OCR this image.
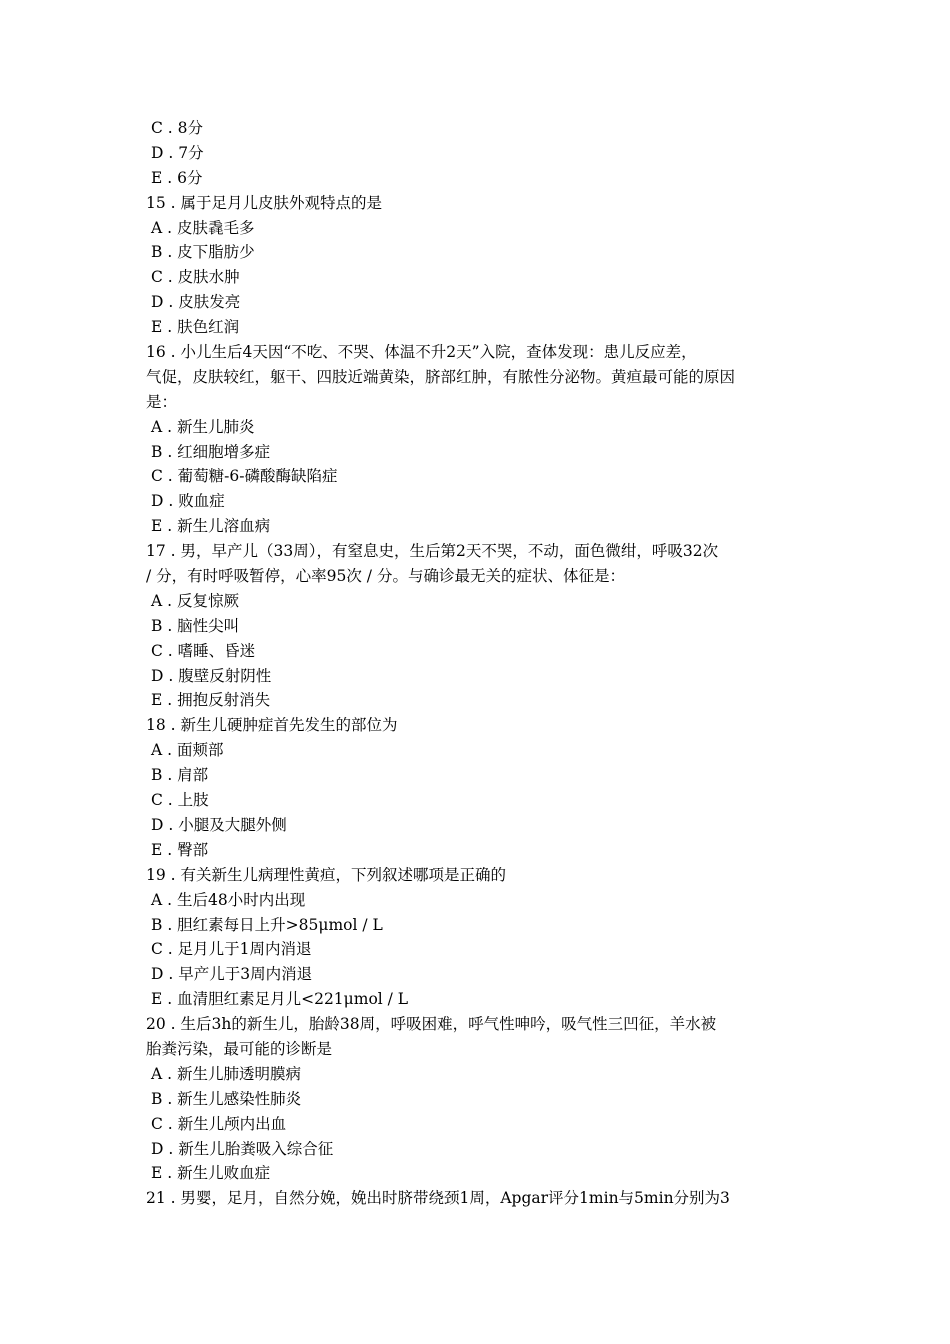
C . 8分
D . 7分
E . 6分
15 . 属于足月儿皮肤外观特点的是
A . 皮肤毳毛多
B . 皮下脂肪少
C . 皮肤水肿
D . 皮肤发亮
E . 肤色红润
16 . 小儿生后4天因“不吃、不哭、体温不升2天”入院，查体发现：患儿反应差，
气促，皮肤较红，躯干、四肢近端黄染，脐部红肿，有脓性分泌物。黄疸最可能的原因
是：
A . 新生儿肺炎
B . 红细胞增多症
C . 葡萄糖-6-磷酸酶缺陷症
D . 败血症
E . 新生儿溶血病
17 . 男，早产儿（33周），有窒息史，生后第2天不哭，不动，面色微绀，呼吸32次
/ 分，有时呼吸暂停，心率95次 / 分。与确诊最无关的症状、体征是：
A . 反复惊厥
B . 脑性尖叫
C . 嗜睡、昏迷
D . 腹壁反射阴性
E . 拥抱反射消失
18 . 新生儿硬肿症首先发生的部位为
A . 面颊部
B . 肩部
C . 上肢
D . 小腿及大腿外侧
E . 臀部
19 . 有关新生儿病理性黄疸，下列叙述哪项是正确的
A . 生后48小时内出现
B . 胆红素每日上升>85μmol / L
C . 足月儿于1周内消退
D . 早产儿于3周内消退
E . 血清胆红素足月儿<221μmol / L
20 . 生后3h的新生儿，胎龄38周，呼吸困难，呼气性呻吟，吸气性三凹征，羊水被
胎粪污染，最可能的诊断是
A . 新生儿肺透明膜病
B . 新生儿感染性肺炎
C . 新生儿颅内出血
D . 新生儿胎粪吸入综合征
E . 新生儿败血症
21 . 男婴，足月，自然分娩，娩出时脐带绕颈1周，Apgar评分1min与5min分别为3
